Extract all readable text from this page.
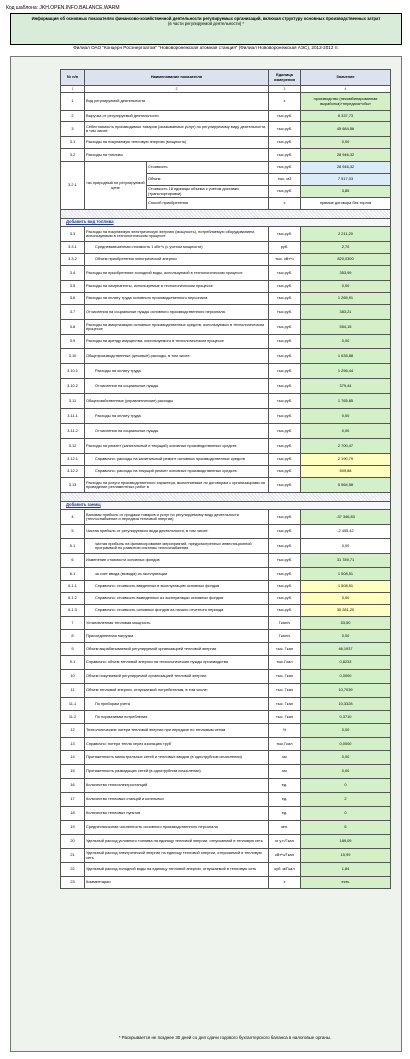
Код шаблона: JKH.OPEN.INFO.BALANCE.WARM
Информация об основных показателях финансово-хозяйственной деятельности регулируемых организаций, включая структуру основных производственных затрат
(в части регулируемой деятельности) *
Филиал ОАО "Концерн Росэнергоатом" "Нововоронежская атомная станция" (Филиал Нововоронежская АЭС), 2012-2012 гг.
№ п/п	Наименование показателя		Единица измерения	Значение
1	2		3	4
1	Вид регулируемой деятельности		х	производство (некомбинированная выработка)+передача+сбыт
2	Выручка от регулируемой деятельности		тыс.руб.	8 337,73
3	Себестоимость производимых товаров (оказываемых услуг) по регулируемому виду деятельности, в том числе:		тыс.руб.	45 684,56
3.1	Расходы на покупаемую тепловую энергию (мощность)		тыс.руб.	0,00
3.2	Расходы на топливо		тыс.руб.	28 946,32
3.2.1	газ природный по регулируемой цене	Стоимость	тыс.руб.	28 946,32
		Объем	тыс. м3	7 517,03
		Стоимость 1й единицы объема с учетом доставки (транспортировки)	тыс.руб.	3,85
		Способ приобретения	х	прямые договора без торгов

Добавить вид топлива				
3.3	Расходы на покупаемую электрическую энергию (мощность), потребляемую оборудованием, используемым в технологическом процессе		тыс.руб.	2 211,20
3.3.1	Средневзвешенная стоимость 1 кВт*ч (с учетом мощности)		руб.	2,70
3.3.2	Объем приобретения электрической энергии		тыс. кВт*ч	820,0300
3.4	Расходы на приобретение холодной воды, используемой в технологическом процессе		тыс.руб.	353,99
3.5	Расходы на химреагенты, используемые в технологическом процессе		тыс.руб.	0,00
3.6	Расходы на оплату труда основного производственного персонала		тыс.руб.	1 265,91
3.7	Отчисления на социальные нужды основного производственного персонала		тыс.руб.	383,21
3.8	Расходы на амортизацию основных производственных средств, используемых в технологическом процессе		тыс.руб.	554,15
3.9	Расходы на аренду имущества, используемого в технологическом процессе		тыс.руб.	0,00
3.10	Общепроизводственные (цеховые) расходы, в том числе:		тыс.руб.	1 635,88
3.10.1	Расходы на оплату труда		тыс.руб.	1 256,44
3.10.2	Отчисления на социальные нужды		тыс.руб.	379,44
3.11	Общехозяйственные (управленческие) расходы		тыс.руб.	1 765,85
3.11.1	Расходы на оплату труда		тыс.руб.	0,00
3.11.2	Отчисления на социальные нужды		тыс.руб.	0,00
3.12	Расходы на ремонт (капитальный и текущий) основных производственных средств		тыс.руб.	2 700,47
3.12.1	Справочно: расходы на капитальный ремонт основных производственных средств		тыс.руб.	2 190,79
3.12.2	Справочно: расходы на текущий ремонт основных производственных средств		тыс.руб.	509,68
3.13	Расходы на услуги производственного характера, выполняемые по договорам с организациями на проведение регламентных работ в		тыс.руб.	5 964,58

Добавить заемщ				
4	Валовая прибыль от продажи товаров и услуг по регулируемому виду деятельности (теплоснабжение и передача тепловой энергии)		тыс.руб.	-37 346,83
5	Чистая прибыль от регулируемого вида деятельности, в том числе:		тыс.руб.	-2 455,42
5.1	чистая прибыль на финансирование мероприятий, предусмотренных инвестиционной программой по развитию системы теплоснабжения		тыс.руб.	0,00
6	Изменение стоимости основных фондов		тыс.руб.	31 789,71
6.1	за счет ввода (вывода) из эксплуатации		тыс.руб.	1 508,51
6.1.1	Справочно: стоимость введенных в эксплуатацию основных фондов		тыс.руб.	1 508,51
6.1.2	Справочно: стоимость выведенных из эксплуатации основных фондов		тыс.руб.	0,00
6.1.3	Справочно: стоимость основных фондов на начало отчетного периода		тыс.руб.	30 281,20
7	Установленная тепловая мощность		Гкал/ч	53,50
8	Присоединенная нагрузка		Гкал/ч	0,00
9	Объем вырабатываемой регулируемой организацией тепловой энергии		тыс. Гкал	46,1937
9.1	Справочно: объем тепловой энергии на технологические нужды производства		тыс.Гкал	0,8233
10	Объем покупаемой регулируемой организацией тепловой энергии		тыс. Гкал	0,0000
11	Объем тепловой энергии, отпускаемой потребителям, в том числе:		тыс. Гкал	10,7039
11.1	По приборам учета		тыс. Гкал	10,3328
11.2	По нормативам потребления		тыс. Гкал	0,3710
12	Технологические потери тепловой энергии при передаче по тепловым сетям		%	0,00
13	Справочно: потери тепла через изоляцию труб		тыс.Гкал	0,0000
14	Протяженность магистральных сетей и тепловых вводов (в однотрубном исчислении)		км	0,00
15	Протяженность разводящих сетей (в однотрубном исчислении)		км	0,00
16	Количество теплоэлектростанций		ед.	0
17	Количество тепловых станций и котельных		ед.	2
18	Количество тепловых пунктов		ед.	0
19	Среднесписочная численность основного производственного персонала		чел.	6
20	Удельный расход условного топлива на единицу тепловой энергии, отпускаемой в тепловую сеть		кг у.т./Гкал	189,09
21	Удельный расход электрической энергии на единицу тепловой энергии, отпускаемой в тепловую сеть		кВт*ч/Гкал	15,99
22	Удельный расход холодной воды на единицу тепловой энергии, отпускаемой в тепловую сеть		куб. м/Гкал	1,84
23	Комментарии		х	есть
* Раскрывается не позднее 30 дней со дня сдачи годового бухгалтерского баланса в налоговые органы.
